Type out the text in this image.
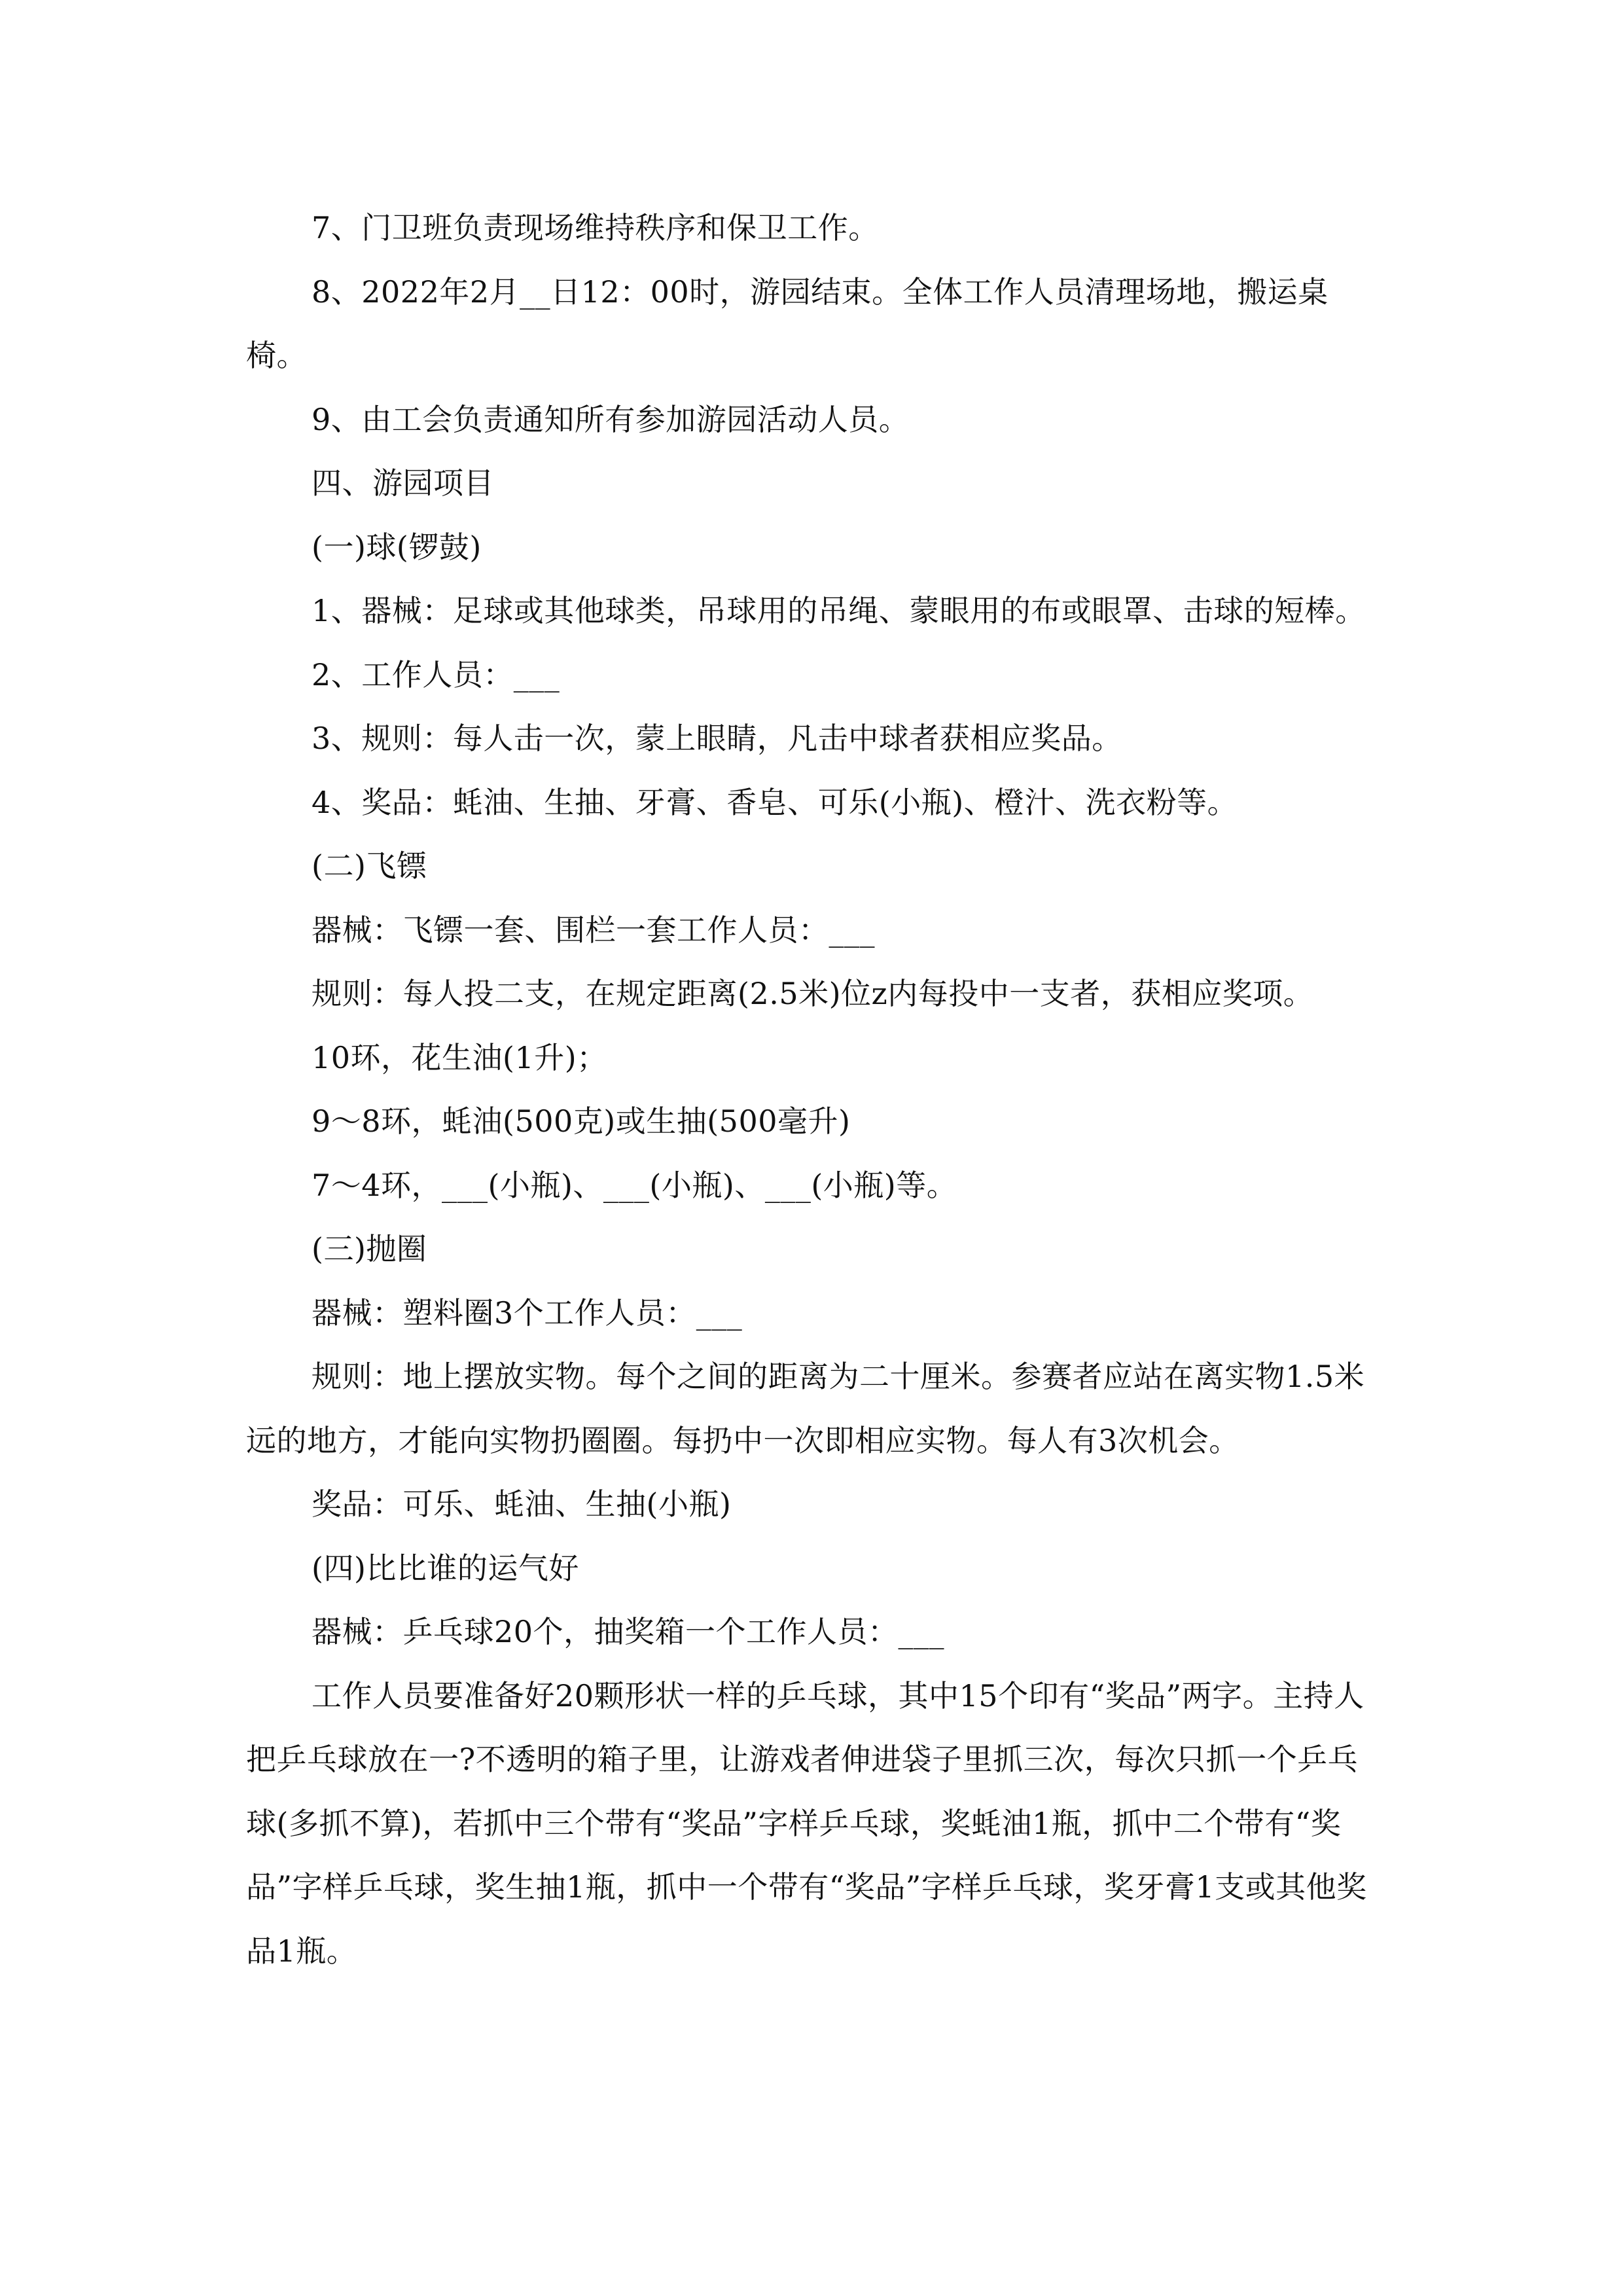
7、门卫班负责现场维持秩序和保卫工作。

8、2022年2月__日12：00时，游园结束。全体工作人员清理场地，搬运桌椅。

9、由工会负责通知所有参加游园活动人员。

四、游园项目

(一)球(锣鼓)

1、器械：足球或其他球类，吊球用的吊绳、蒙眼用的布或眼罩、击球的短棒。

2、工作人员：___

3、规则：每人击一次，蒙上眼睛，凡击中球者获相应奖品。

4、奖品：蚝油、生抽、牙膏、香皂、可乐(小瓶)、橙汁、洗衣粉等。

(二)飞镖

器械：飞镖一套、围栏一套工作人员：___

规则：每人投二支，在规定距离(2.5米)位z内每投中一支者，获相应奖项。

10环，花生油(1升)；

9～8环，蚝油(500克)或生抽(500毫升)

7～4环，___(小瓶)、___(小瓶)、___(小瓶)等。

(三)抛圈

器械：塑料圈3个工作人员：___

规则：地上摆放实物。每个之间的距离为二十厘米。参赛者应站在离实物1.5米远的地方，才能向实物扔圈圈。每扔中一次即相应实物。每人有3次机会。

奖品：可乐、蚝油、生抽(小瓶)

(四)比比谁的运气好

器械：乒乓球20个，抽奖箱一个工作人员：___

工作人员要准备好20颗形状一样的乒乓球，其中15个印有“奖品”两字。主持人把乒乓球放在一?不透明的箱子里，让游戏者伸进袋子里抓三次，每次只抓一个乒乓球(多抓不算)，若抓中三个带有“奖品”字样乒乓球，奖蚝油1瓶，抓中二个带有“奖品”字样乒乓球，奖生抽1瓶，抓中一个带有“奖品”字样乒乓球，奖牙膏1支或其他奖品1瓶。
